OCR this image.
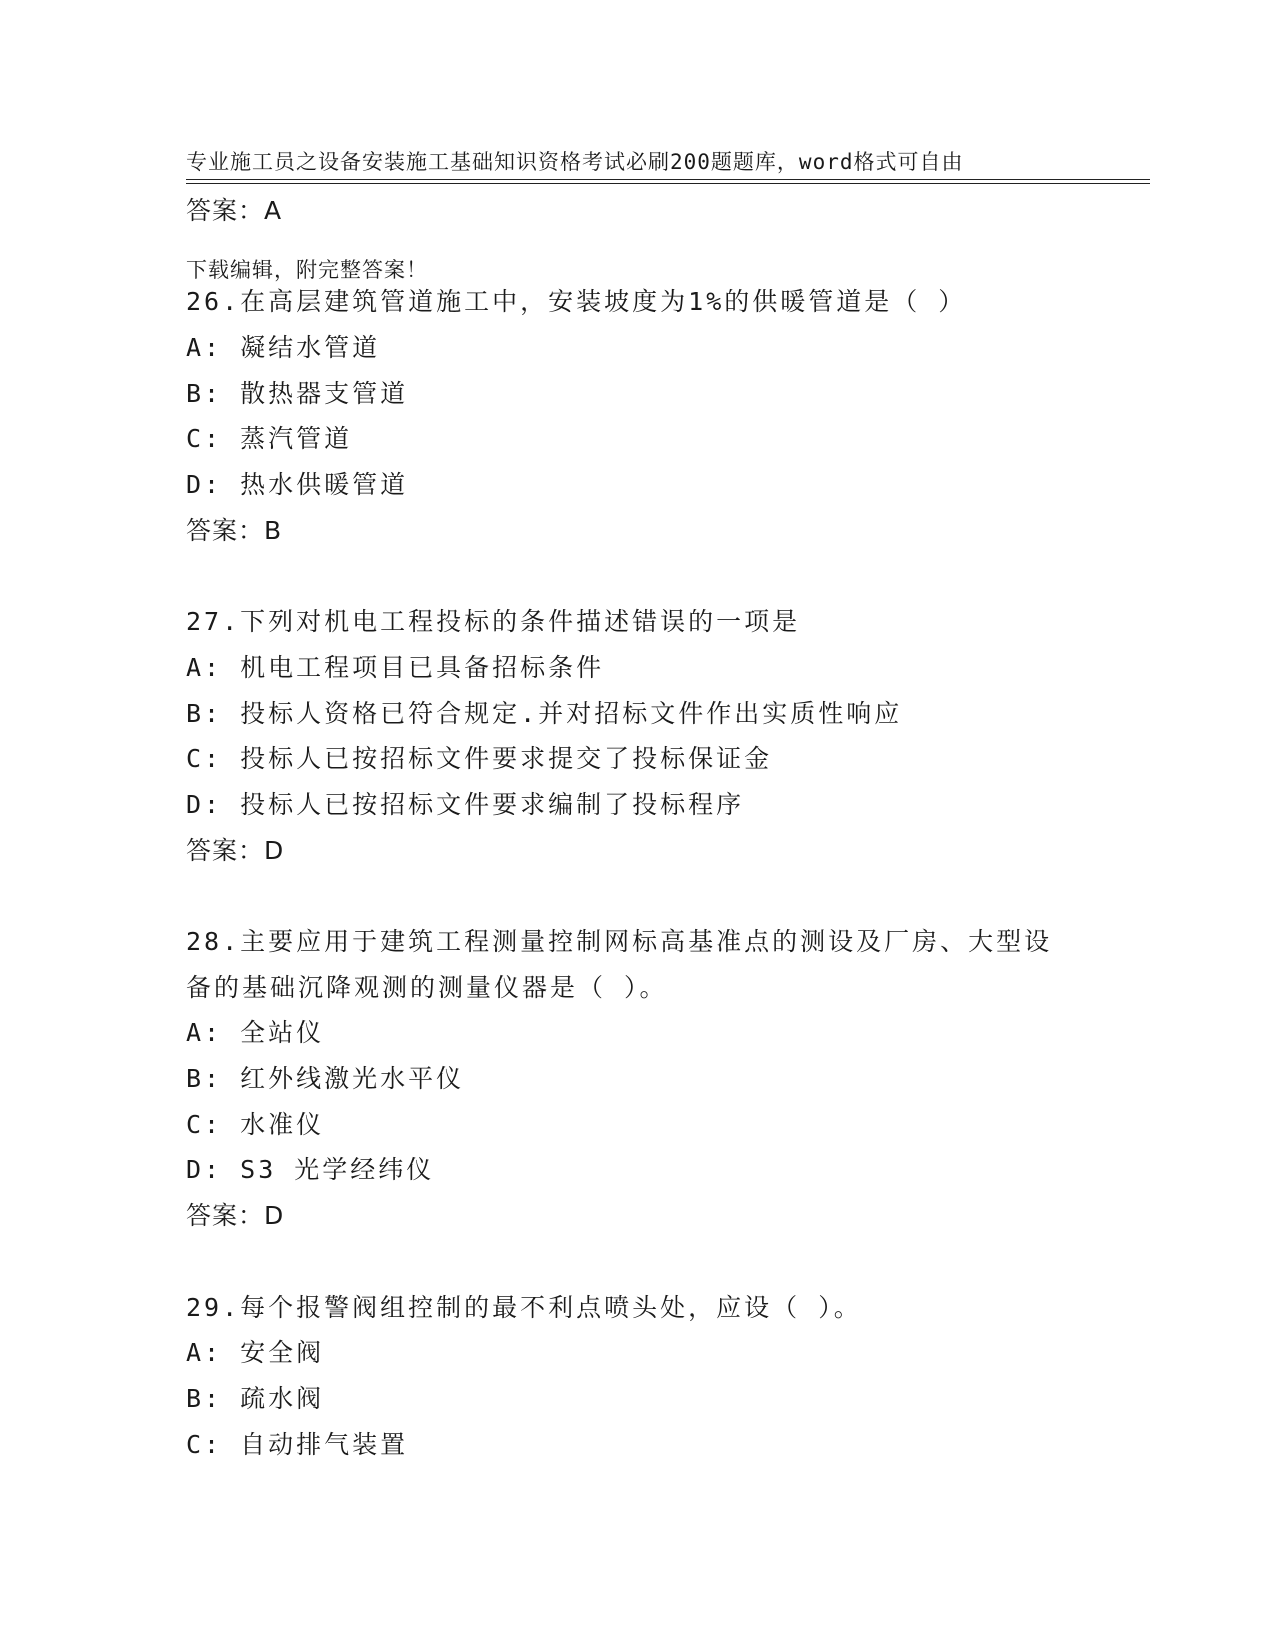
专业施工员之设备安装施工基础知识资格考试必刷200题题库，word格式可自由

下载编辑，附完整答案！

答案：A
26.在高层建筑管道施工中，安装坡度为1%的供暖管道是（ ）
A: 凝结水管道
B: 散热器支管道
C: 蒸汽管道
D: 热水供暖管道
答案：B
27.下列对机电工程投标的条件描述错误的一项是
A: 机电工程项目已具备招标条件
B: 投标人资格已符合规定.并对招标文件作出实质性响应
C: 投标人已按招标文件要求提交了投标保证金
D: 投标人已按招标文件要求编制了投标程序
答案：D
28.主要应用于建筑工程测量控制网标高基准点的测设及厂房、大型设
备的基础沉降观测的测量仪器是（ ）。
A: 全站仪
B: 红外线激光水平仪
C: 水准仪
D: S3 光学经纬仪
答案：D
29.每个报警阀组控制的最不利点喷头处，应设（ ）。
A: 安全阀
B: 疏水阀
C: 自动排气装置
